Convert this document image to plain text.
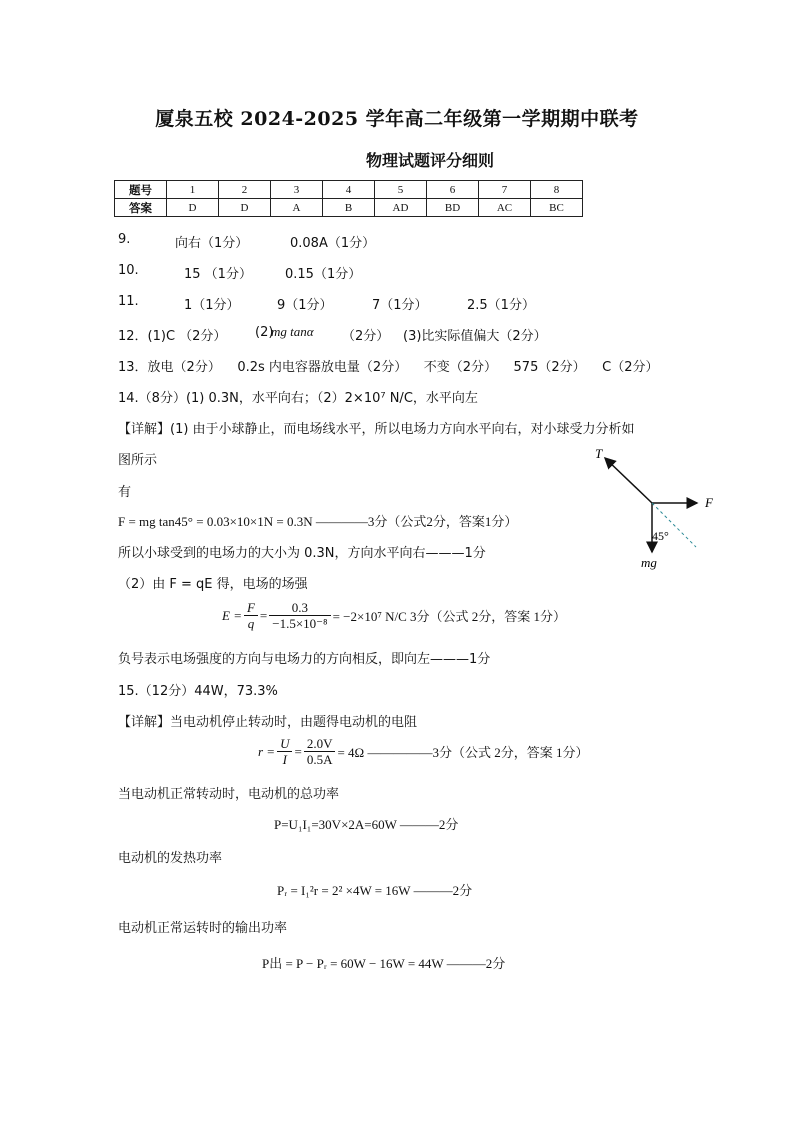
厦泉五校 2024-2025 学年高二年级第一学期期中联考
物理试题评分细则
题号	1	2	3	4	5	6	7	8
答案	D	D	A	B	AD	BD	AC	BC
9.	向右（1分）	0.08A（1分）
10.	15 （1分）	0.15（1分）
11.	1（1分）	9（1分）	7（1分）	2.5（1分）
12．(1)C （2分） (2)
mg tanα （2分） (3)比实际值偏大（2分）
13．放电（2分）    0.2s 内电容器放电量（2分）    不变（2分）    575（2分）    C（2分）
14.（8分）(1) 0.3N，水平向右；（2）2×10⁷ N/C，水平向左
【详解】(1) 由于小球静止，而电场线水平，所以电场力方向水平向右，对小球受力分析如
图所示
有
F = mg tan45° = 0.03×10×1N = 0.3N ————3分（公式2分，答案1分）
所以小球受到的电场力的大小为 0.3N，方向水平向右———1分
（2）由 F = qE 得，电场的场强
$E = \frac{F}{q} = \frac{0.3}{\text{−1.5×10⁻⁸}} = -2\times 10^7$ N/C 3分（公式 2分，答案 1分）
负号表示电场强度的方向与电场力的方向相反，即向左———1分
T
F
45°
mg
15.（12分）44W，73.3%
【详解】当电动机停止转动时，由题得电动机的电阻
$r = \frac{U}{I} = \frac{2.0V}{0.5A} = 4\Omega$ —————3分（公式 2分，答案 1分）
当电动机正常转动时，电动机的总功率
P=U₁I₁=30V×2A=60W ———2分
电动机的发热功率
Pᵣ = I₁²r = 2² ×4W = 16W ———2分
电动机正常运转时的输出功率
P出 = P − Pᵣ = 60W − 16W = 44W ———2分
